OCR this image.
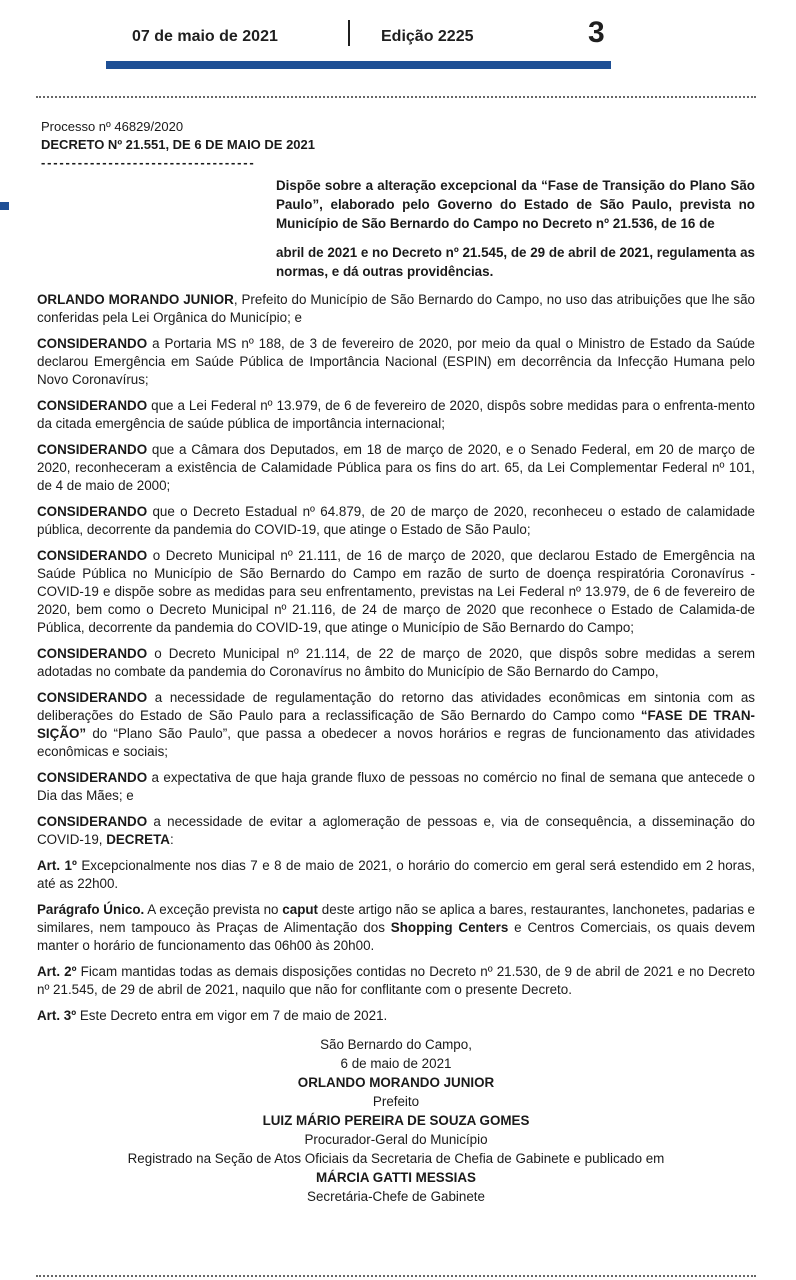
07 de maio de 2021	Edição 2225	3

Processo nº 46829/2020

DECRETO Nº 21.551, DE 6 DE MAIO DE 2021

-----------------------------------
Dispõe sobre a alteração excepcional da “Fase de Transição do Plano São Paulo”, elaborado pelo Governo do Estado de São Paulo, prevista no Município de São Bernardo do Campo no Decreto nº 21.536, de 16 de
abril de 2021 e no Decreto nº 21.545, de 29 de abril de 2021, regulamenta as normas, e dá outras providências.

ORLANDO MORANDO JUNIOR, Prefeito do Município de São Bernardo do Campo, no uso das atribuições que lhe são conferidas pela Lei Orgânica do Município; e

CONSIDERANDO a Portaria MS nº 188, de 3 de fevereiro de 2020, por meio da qual o Ministro de Estado da Saúde declarou Emergência em Saúde Pública de Importância Nacional (ESPIN) em decorrência da Infecção Humana pelo Novo Coronavírus;

CONSIDERANDO que a Lei Federal nº 13.979, de 6 de fevereiro de 2020, dispôs sobre medidas para o enfrenta-mento da citada emergência de saúde pública de importância internacional;

CONSIDERANDO que a Câmara dos Deputados, em 18 de março de 2020, e o Senado Federal, em 20 de março de 2020, reconheceram a existência de Calamidade Pública para os fins do art. 65, da Lei Complementar Federal nº 101, de 4 de maio de 2000;

CONSIDERANDO que o Decreto Estadual nº 64.879, de 20 de março de 2020, reconheceu o estado de calamidade pública, decorrente da pandemia do COVID-19, que atinge o Estado de São Paulo;

CONSIDERANDO o Decreto Municipal nº 21.111, de 16 de março de 2020, que declarou Estado de Emergência na Saúde Pública no Município de São Bernardo do Campo em razão de surto de doença respiratória Coronavírus - COVID-19 e dispõe sobre as medidas para seu enfrentamento, previstas na Lei Federal nº 13.979, de 6 de fevereiro de 2020, bem como o Decreto Municipal nº 21.116, de 24 de março de 2020 que reconhece o Estado de Calamida-de Pública, decorrente da pandemia do COVID-19, que atinge o Município de São Bernardo do Campo;

CONSIDERANDO o Decreto Municipal nº 21.114, de 22 de março de 2020, que dispôs sobre medidas a serem adotadas no combate da pandemia do Coronavírus no âmbito do Município de São Bernardo do Campo,

CONSIDERANDO a necessidade de regulamentação do retorno das atividades econômicas em sintonia com as deliberações do Estado de São Paulo para a reclassificação de São Bernardo do Campo como “FASE DE TRAN-SIÇÃO” do “Plano São Paulo”, que passa a obedecer a novos horários e regras de funcionamento das atividades econômicas e sociais;

CONSIDERANDO a expectativa de que haja grande fluxo de pessoas no comércio no final de semana que antecede o Dia das Mães; e

CONSIDERANDO a necessidade de evitar a aglomeração de pessoas e, via de consequência, a disseminação do COVID-19, DECRETA:

Art. 1º Excepcionalmente nos dias 7 e 8 de maio de 2021, o horário do comercio em geral será estendido em 2 horas, até as 22h00.

Parágrafo Único. A exceção prevista no caput deste artigo não se aplica a bares, restaurantes, lanchonetes, padarias e similares, nem tampouco às Praças de Alimentação dos Shopping Centers e Centros Comerciais, os quais devem manter o horário de funcionamento das 06h00 às 20h00.

Art. 2º Ficam mantidas todas as demais disposições contidas no Decreto nº 21.530, de 9 de abril de 2021 e no Decreto nº 21.545, de 29 de abril de 2021, naquilo que não for conflitante com o presente Decreto.

Art. 3º Este Decreto entra em vigor em 7 de maio de 2021.

São Bernardo do Campo,
6 de maio de 2021
ORLANDO MORANDO JUNIOR
Prefeito
LUIZ MÁRIO PEREIRA DE SOUZA GOMES
Procurador-Geral do Município
Registrado na Seção de Atos Oficiais da Secretaria de Chefia de Gabinete e publicado em
MÁRCIA GATTI MESSIAS
Secretária-Chefe de Gabinete
